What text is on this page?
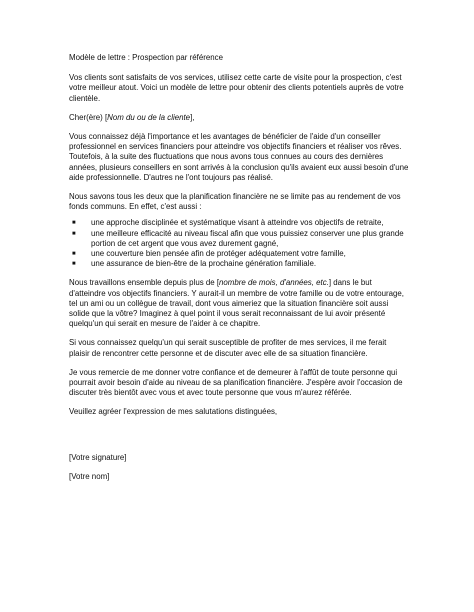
Modèle de lettre : Prospection par référence

Vos clients sont satisfaits de vos services, utilisez cette carte de visite pour la prospection, c'est votre meilleur atout. Voici un modèle de lettre pour obtenir des clients potentiels auprès de votre clientèle.

Cher(ère) [Nom du ou de la cliente],

Vous connaissez déjà l'importance et les avantages de bénéficier de l'aide d'un conseiller professionnel en services financiers pour atteindre vos objectifs financiers et réaliser vos rêves. Toutefois, à la suite des fluctuations que nous avons tous connues au cours des dernières années, plusieurs conseillers en sont arrivés à la conclusion qu'ils avaient eux aussi besoin d'une aide professionnelle. D'autres ne l'ont toujours pas réalisé.

Nous savons tous les deux que la planification financière ne se limite pas au rendement de vos fonds communs. En effet, c'est aussi :

■ une approche disciplinée et systématique visant à atteindre vos objectifs de retraite,
■ une meilleure efficacité au niveau fiscal afin que vous puissiez conserver une plus grande portion de cet argent que vous avez durement gagné,
■ une couverture bien pensée afin de protéger adéquatement votre famille,
■ une assurance de bien-être de la prochaine génération familiale.

Nous travaillons ensemble depuis plus de [nombre de mois, d'années, etc.] dans le but d'atteindre vos objectifs financiers. Y aurait-il un membre de votre famille ou de votre entourage, tel un ami ou un collègue de travail, dont vous aimeriez que la situation financière soit aussi solide que la vôtre? Imaginez à quel point il vous serait reconnaissant de lui avoir présenté quelqu'un qui serait en mesure de l'aider à ce chapitre.

Si vous connaissez quelqu'un qui serait susceptible de profiter de mes services, il me ferait plaisir de rencontrer cette personne et de discuter avec elle de sa situation financière.

Je vous remercie de me donner votre confiance et de demeurer à l'affût de toute personne qui pourrait avoir besoin d'aide au niveau de sa planification financière. J'espère avoir l'occasion de discuter très bientôt avec vous et avec toute personne que vous m'aurez référée.

Veuillez agréer l'expression de mes salutations distinguées,

[Votre signature]

[Votre nom]
